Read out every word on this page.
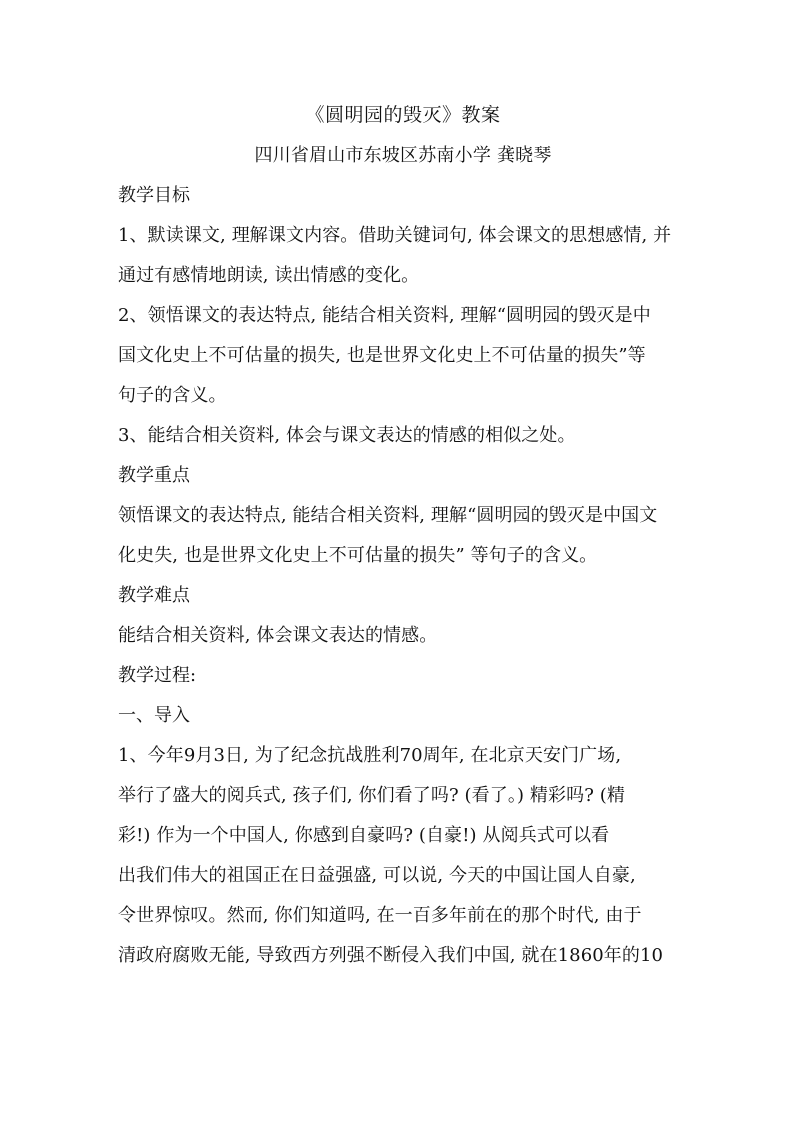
《圆明园的毁灭》教案
四川省眉山市东坡区苏南小学 龚晓琴
教学目标

1、默读课文, 理解课文内容。借助关键词句, 体会课文的思想感情, 并

通过有感情地朗读, 读出情感的变化。

2、领悟课文的表达特点, 能结合相关资料, 理解“圆明园的毁灭是中

国文化史上不可估量的损失, 也是世界文化史上不可估量的损失”等

句子的含义。

3、能结合相关资料, 体会与课文表达的情感的相似之处。

教学重点

领悟课文的表达特点, 能结合相关资料, 理解“圆明园的毁灭是中国文

化史失, 也是世界文化史上不可估量的损失” 等句子的含义。

教学难点

能结合相关资料, 体会课文表达的情感。

教学过程:
一、导入

1、今年9月3日, 为了纪念抗战胜利70周年, 在北京天安门广场,

举行了盛大的阅兵式, 孩子们, 你们看了吗? (看了。) 精彩吗? (精

彩!) 作为一个中国人, 你感到自豪吗? (自豪!) 从阅兵式可以看

出我们伟大的祖国正在日益强盛, 可以说, 今天的中国让国人自豪,

令世界惊叹。然而, 你们知道吗, 在一百多年前在的那个时代, 由于

清政府腐败无能, 导致西方列强不断侵入我们中国, 就在1860年的10
